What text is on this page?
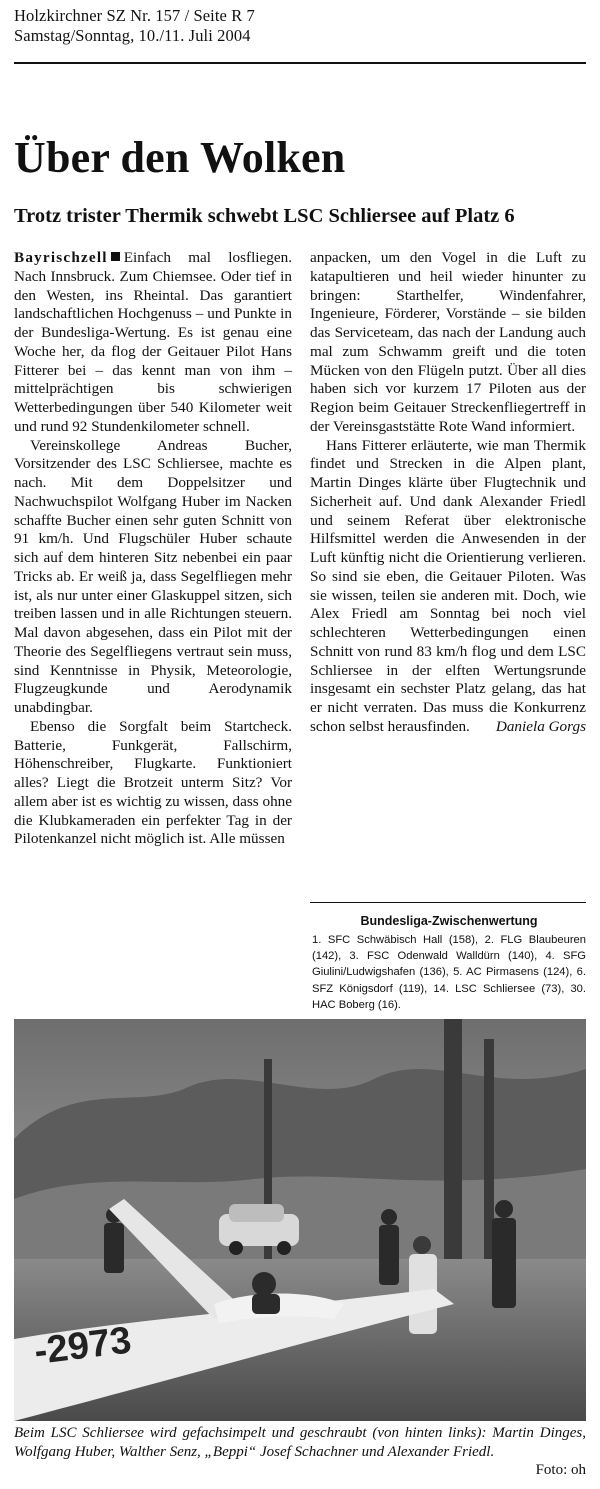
Holzkirchner SZ Nr. 157 / Seite R 7
Samstag/Sonntag, 10./11. Juli 2004
Über den Wolken
Trotz trister Thermik schwebt LSC Schliersee auf Platz 6

Bayrischzell Einfach mal losfliegen. Nach Innsbruck. Zum Chiemsee. Oder tief in den Westen, ins Rheintal. Das garantiert landschaftlichen Hochgenuss – und Punkte in der Bundesliga-Wertung. Es ist genau eine Woche her, da flog der Geitauer Pilot Hans Fitterer bei – das kennt man von ihm – mittelprächtigen bis schwierigen Wetterbedingungen über 540 Kilometer weit und rund 92 Stundenkilometer schnell.

Vereinskollege Andreas Bucher, Vorsitzender des LSC Schliersee, machte es nach. Mit dem Doppelsitzer und Nachwuchspilot Wolfgang Huber im Nacken schaffte Bucher einen sehr guten Schnitt von 91 km/h. Und Flugschüler Huber schaute sich auf dem hinteren Sitz nebenbei ein paar Tricks ab. Er weiß ja, dass Segelfliegen mehr ist, als nur unter einer Glaskuppel sitzen, sich treiben lassen und in alle Richtungen steuern. Mal davon abgesehen, dass ein Pilot mit der Theorie des Segelfliegens vertraut sein muss, sind Kenntnisse in Physik, Meteorologie, Flugzeugkunde und Aerodynamik unabdingbar.

Ebenso die Sorgfalt beim Startcheck. Batterie, Funkgerät, Fallschirm, Höhenschreiber, Flugkarte. Funktioniert alles? Liegt die Brotzeit unterm Sitz? Vor allem aber ist es wichtig zu wissen, dass ohne die Klubkameraden ein perfekter Tag in der Pilotenkanzel nicht möglich ist. Alle müssen

anpacken, um den Vogel in die Luft zu katapultieren und heil wieder hinunter zu bringen: Starthelfer, Windenfahrer, Ingenieure, Förderer, Vorstände – sie bilden das Serviceteam, das nach der Landung auch mal zum Schwamm greift und die toten Mücken von den Flügeln putzt. Über all dies haben sich vor kurzem 17 Piloten aus der Region beim Geitauer Streckenfliegertreff in der Vereinsgaststätte Rote Wand informiert.

Hans Fitterer erläuterte, wie man Thermik findet und Strecken in die Alpen plant, Martin Dinges klärte über Flugtechnik und Sicherheit auf. Und dank Alexander Friedl und seinem Referat über elektronische Hilfsmittel werden die Anwesenden in der Luft künftig nicht die Orientierung verlieren. So sind sie eben, die Geitauer Piloten. Was sie wissen, teilen sie anderen mit. Doch, wie Alex Friedl am Sonntag bei noch viel schlechteren Wetterbedingungen einen Schnitt von rund 83 km/h flog und dem LSC Schliersee in der elften Wertungsrunde insgesamt ein sechster Platz gelang, das hat er nicht verraten. Das muss die Konkurrenz schon selbst herausfinden.	Daniela Gorgs
Bundesliga-Zwischenwertung
1. SFC Schwäbisch Hall (158), 2. FLG Blaubeuren (142), 3. FSC Odenwald Walldürn (140), 4. SFG Giulini/Ludwigshafen (136), 5. AC Pirmasens (124), 6. SFZ Königsdorf (119), 14. LSC Schliersee (73), 30. HAC Boberg (16).
-2973
Beim LSC Schliersee wird gefachsimpelt und geschraubt (von hinten links): Martin Dinges, Wolfgang Huber, Walther Senz, „Beppi“ Josef Schachner und Alexander Friedl.
Foto: oh
